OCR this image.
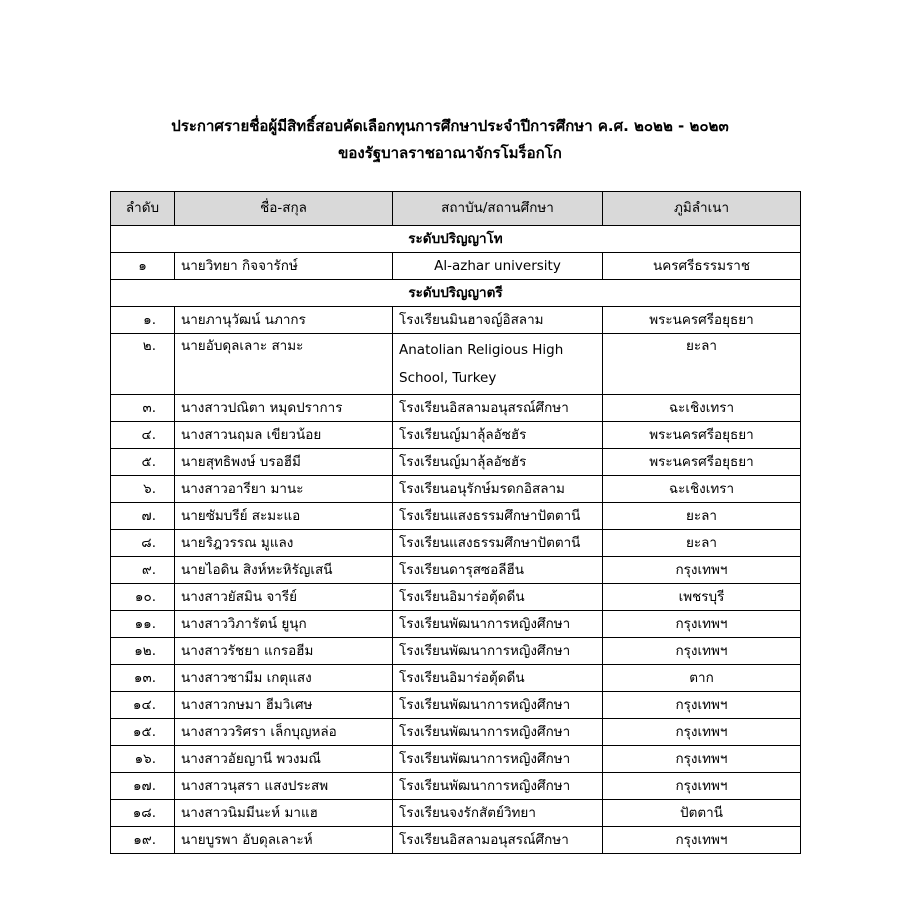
ประกาศรายชื่อผู้มีสิทธิ์สอบคัดเลือกทุนการศึกษาประจำปีการศึกษา ค.ศ. ๒๐๒๒ - ๒๐๒๓
ของรัฐบาลราชอาณาจักรโมร็อกโก
ลำดับ	ชื่อ-สกุล	สถาบัน/สถานศึกษา	ภูมิลำเนา
ระดับปริญญาโท			
๑	นายวิทยา กิจจารักษ์	Al-azhar university	นครศรีธรรมราช
ระดับปริญญาตรี			
๑.	นายภานุวัฒน์ นภากร	โรงเรียนมินฮาจญ์อิสลาม	พระนครศรีอยุธยา
๒.	นายอับดุลเลาะ สามะ	Anatolian Religious High School, Turkey	ยะลา
๓.	นางสาวปณิตา หมุดปราการ	โรงเรียนอิสลามอนุสรณ์ศึกษา	ฉะเชิงเทรา
๔.	นางสาวนฤมล เขียวน้อย	โรงเรียนญ์มาลุ้ลอัซฮัร	พระนครศรีอยุธยา
๕.	นายสุทธิพงษ์ บรอฮีมี	โรงเรียนญ์มาลุ้ลอัซฮัร	พระนครศรีอยุธยา
๖.	นางสาวอารียา มานะ	โรงเรียนอนุรักษ์มรดกอิสลาม	ฉะเชิงเทรา
๗.	นายซัมบรีย์ สะมะแอ	โรงเรียนแสงธรรมศึกษาปัตตานี	ยะลา
๘.	นายริฎวรรณ มูแลง	โรงเรียนแสงธรรมศึกษาปัตตานี	ยะลา
๙.	นายไอดิน สิงห์หะหิรัญเสนี	โรงเรียนดารุสซอลีฮีน	กรุงเทพฯ
๑๐.	นางสาวยัสมิน จารีย์	โรงเรียนอิมาร่อตุ้ดดีน	เพชรบุรี
๑๑.	นางสาววิภารัตน์ ยูนุก	โรงเรียนพัฒนาการหญิงศึกษา	กรุงเทพฯ
๑๒.	นางสาวรัชยา แกรอฮีม	โรงเรียนพัฒนาการหญิงศึกษา	กรุงเทพฯ
๑๓.	นางสาวซามีม เกตุแสง	โรงเรียนอิมาร่อตุ้ดดีน	ตาก
๑๔.	นางสาวกษมา ฮีมวิเศษ	โรงเรียนพัฒนาการหญิงศึกษา	กรุงเทพฯ
๑๕.	นางสาววริศรา เล็กบุญหล่อ	โรงเรียนพัฒนาการหญิงศึกษา	กรุงเทพฯ
๑๖.	นางสาวอัยญานี พวงมณี	โรงเรียนพัฒนาการหญิงศึกษา	กรุงเทพฯ
๑๗.	นางสาวนุสรา แสงประสพ	โรงเรียนพัฒนาการหญิงศึกษา	กรุงเทพฯ
๑๘.	นางสาวนิมมีนะห์ มาแฮ	โรงเรียนจงรักสัตย์วิทยา	ปัตตานี
๑๙.	นายบูรพา อับดุลเลาะห์	โรงเรียนอิสลามอนุสรณ์ศึกษา	กรุงเทพฯ
